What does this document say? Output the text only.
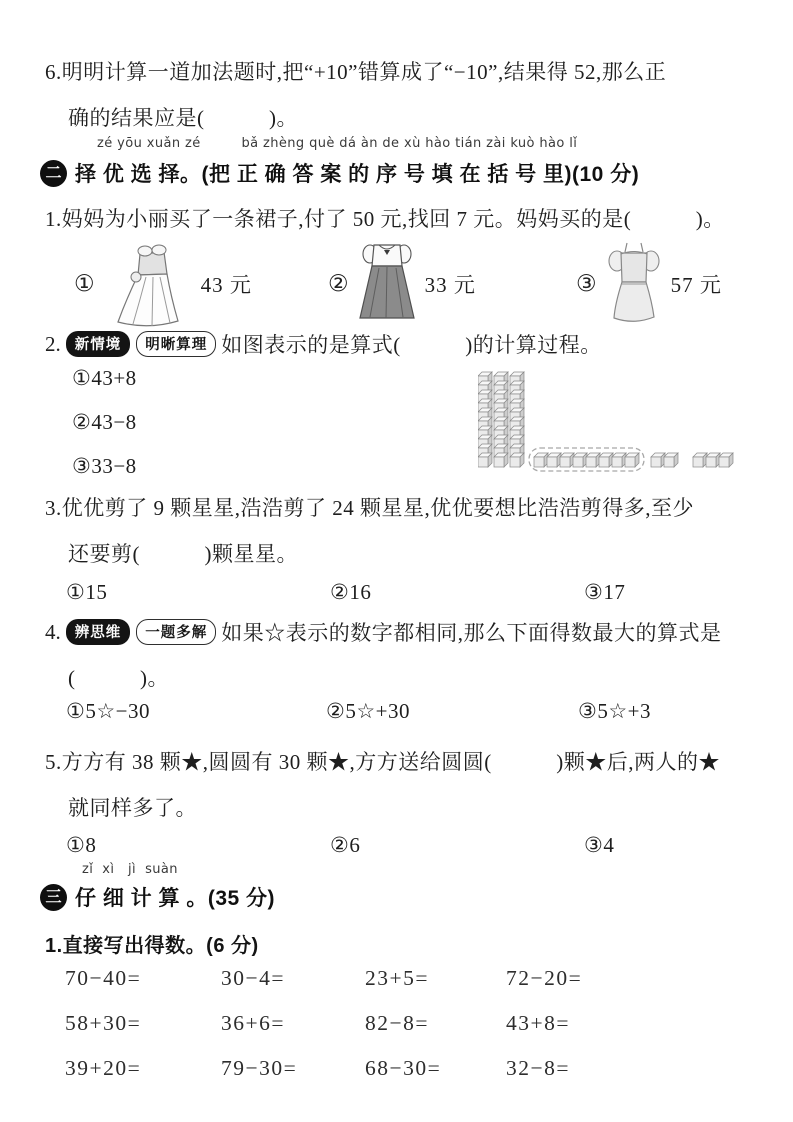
6.明明计算一道加法题时,把“+10”错算成了“−10”,结果得 52,那么正
确的结果应是(　　　)。
zé yōu xuǎn zé         bǎ zhèng què dá àn de xù hào tián zài kuò hào lǐ
二 择 优 选 择。(把 正 确 答 案 的 序 号 填 在 括 号 里)(10 分)
1.妈妈为小丽买了一条裙子,付了 50 元,找回 7 元。妈妈买的是(　　　)。
①	43 元	②	33 元	③	57 元
2. 新情境	明晰算理 如图表示的是算式(　　　)的计算过程。
①43+8
②43−8
③33−8
3.优优剪了 9 颗星星,浩浩剪了 24 颗星星,优优要想比浩浩剪得多,至少
还要剪(　　　)颗星星。
①15	②16	③17
4. 辨思维	一题多解 如果☆表示的数字都相同,那么下面得数最大的算式是
(　　　)。
①5☆−30	②5☆+30	③5☆+3
5.方方有 38 颗★,圆圆有 30 颗★,方方送给圆圆(　　　)颗★后,两人的★
就同样多了。
①8	②6	③4
zǐ  xì   jì  suàn
三 仔 细 计 算 。(35 分)
1.直接写出得数。(6 分)
70−40=	30−4=	23+5=	72−20=
58+30=	36+6=	82−8=	43+8=
39+20=	79−30=	68−30=	32−8=
